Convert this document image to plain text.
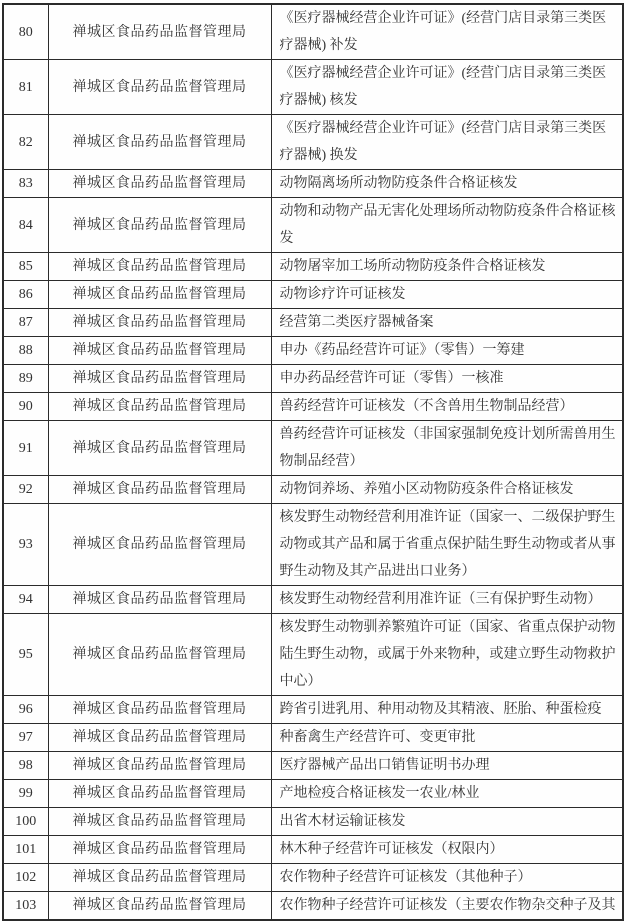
80	禅城区食品药品监督管理局	《医疗器械经营企业许可证》(经营门店目录第三类医疗器械) 补发
81	禅城区食品药品监督管理局	《医疗器械经营企业许可证》(经营门店目录第三类医疗器械) 核发
82	禅城区食品药品监督管理局	《医疗器械经营企业许可证》(经营门店目录第三类医疗器械) 换发
83	禅城区食品药品监督管理局	动物隔离场所动物防疫条件合格证核发
84	禅城区食品药品监督管理局	动物和动物产品无害化处理场所动物防疫条件合格证核发
85	禅城区食品药品监督管理局	动物屠宰加工场所动物防疫条件合格证核发
86	禅城区食品药品监督管理局	动物诊疗许可证核发
87	禅城区食品药品监督管理局	经营第二类医疗器械备案
88	禅城区食品药品监督管理局	申办《药品经营许可证》（零售）一筹建
89	禅城区食品药品监督管理局	申办药品经营许可证（零售）一核准
90	禅城区食品药品监督管理局	兽药经营许可证核发（不含兽用生物制品经营）
91	禅城区食品药品监督管理局	兽药经营许可证核发（非国家强制免疫计划所需兽用生物制品经营）
92	禅城区食品药品监督管理局	动物饲养场、养殖小区动物防疫条件合格证核发
93	禅城区食品药品监督管理局	核发野生动物经营利用准许证（国家一、二级保护野生动物或其产品和属于省重点保护陆生野生动物或者从事野生动物及其产品进出口业务）
94	禅城区食品药品监督管理局	核发野生动物经营利用准许证（三有保护野生动物）
95	禅城区食品药品监督管理局	核发野生动物驯养繁殖许可证（国家、省重点保护动物陆生野生动物，或属于外来物种，或建立野生动物救护中心）
96	禅城区食品药品监督管理局	跨省引进乳用、种用动物及其精液、胚胎、种蛋检疫
97	禅城区食品药品监督管理局	种畜禽生产经营许可、变更审批
98	禅城区食品药品监督管理局	医疗器械产品出口销售证明书办理
99	禅城区食品药品监督管理局	产地检疫合格证核发一农业/林业
100	禅城区食品药品监督管理局	出省木材运输证核发
101	禅城区食品药品监督管理局	林木种子经营许可证核发（权限内）
102	禅城区食品药品监督管理局	农作物种子经营许可证核发（其他种子）
103	禅城区食品药品监督管理局	农作物种子经营许可证核发（主要农作物杂交种子及其
